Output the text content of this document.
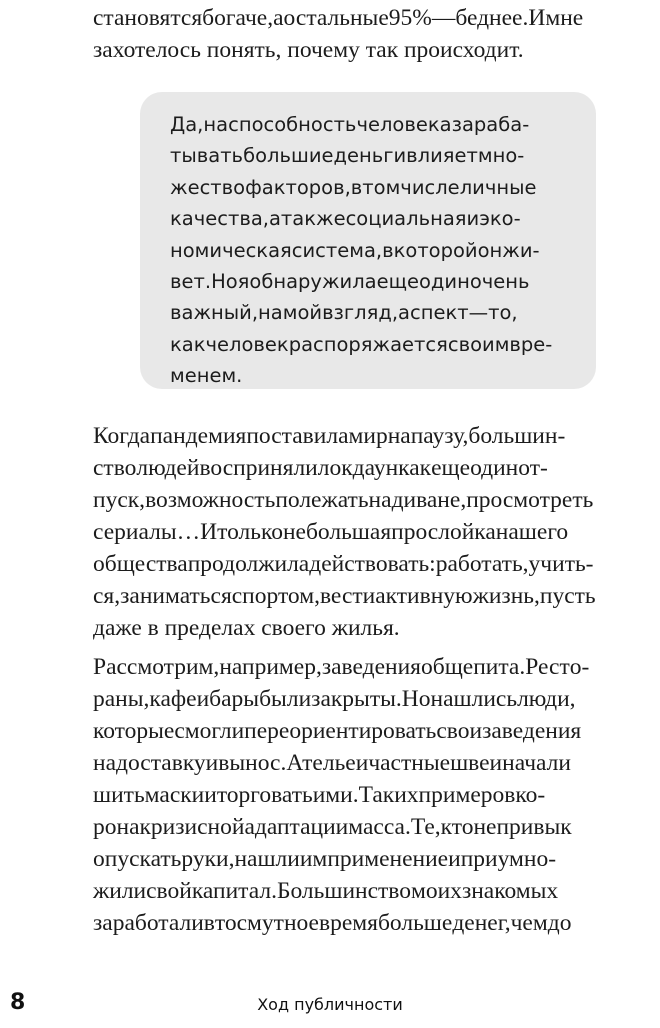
становятсябогаче,аостальные95%—беднее.Имне
захотелось понять, почему так происходит.
Да,наспособностьчеловеказараба-
тыватьбольшиеденьгивлияетмно-
жествофакторов,втомчислеличные
качества,атакжесоциальнаяиэко-
номическаясистема,вкоторойонжи-
вет.Нояобнаружилаещеодиночень
важный,намойвзгляд,аспект—то,
какчеловекраспоряжаетсясвоимвре-
менем.
Когдапандемияпоставиламирнапаузу,большин-
стволюдейвоспринялилокдаункакещеодинот-
пуск,возможностьполежатьнадиване,просмотреть
сериалы…Итольконебольшаяпрослойканашего
обществапродолжиладействовать:работать,учить-
ся,заниматьсяспортом,вестиактивнуюжизнь,пусть
даже в пределах своего жилья.
Рассмотрим,например,заведенияобщепита.Рестo-
раны,кафеибарыбылизакрыты.Нонашлисьлюди,
которыесмоглипереориентироватьсвоизаведения
надоставкуивынос.Ательеичастныешвеиначали
шитьмаскииторговатьими.Такихпримеровко-
ронакризиснойадаптациимасса.Те,ктонепривык
опускатьруки,нашлиимприменениеиприумно-
жилисвойкапитал.Большинствомоихзнакомых
заработаливтосмутноевремябольшеденег,чемдо
8	Ход публичности
